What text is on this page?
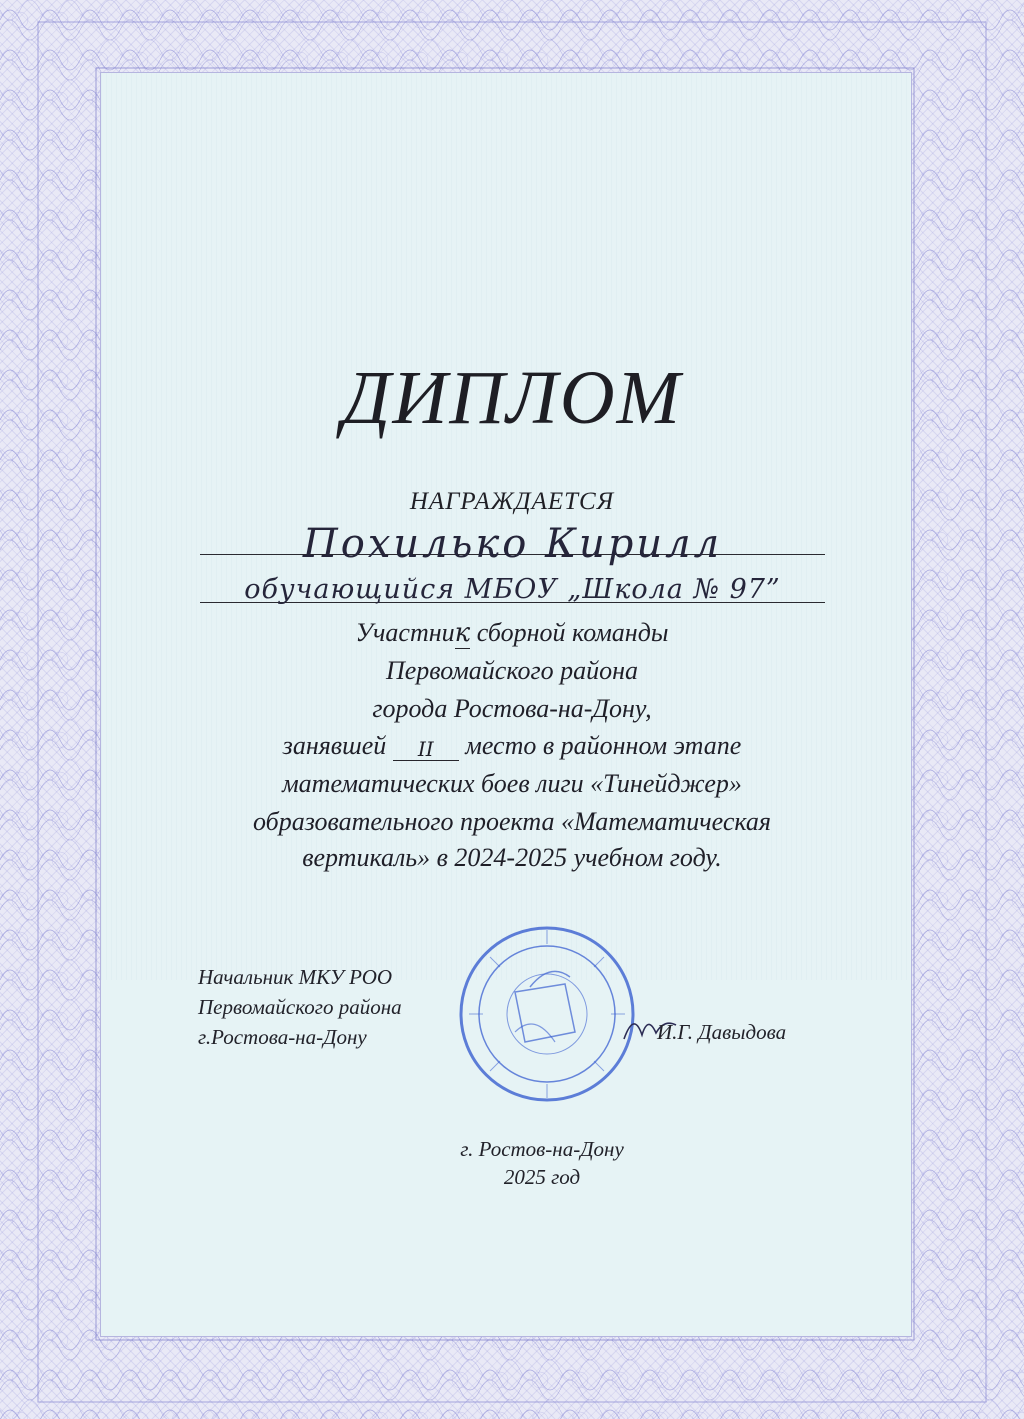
ДИПЛОМ
НАГРАЖДАЕТСЯ
Похилько Кирилл
обучающийся МБОУ „Школа № 97”
Участник сборной команды
Первомайского района
города Ростова-на-Дону,
занявшей II место в районном этапе
математических боев лиги «Тинейджер»
образовательного проекта «Математическая
вертикаль» в 2024-2025 учебном году.
Начальник МКУ РОО
Первомайского района
г.Ростова-на-Дону	И.Г. Давыдова
г. Ростов-на-Дону
2025 год
